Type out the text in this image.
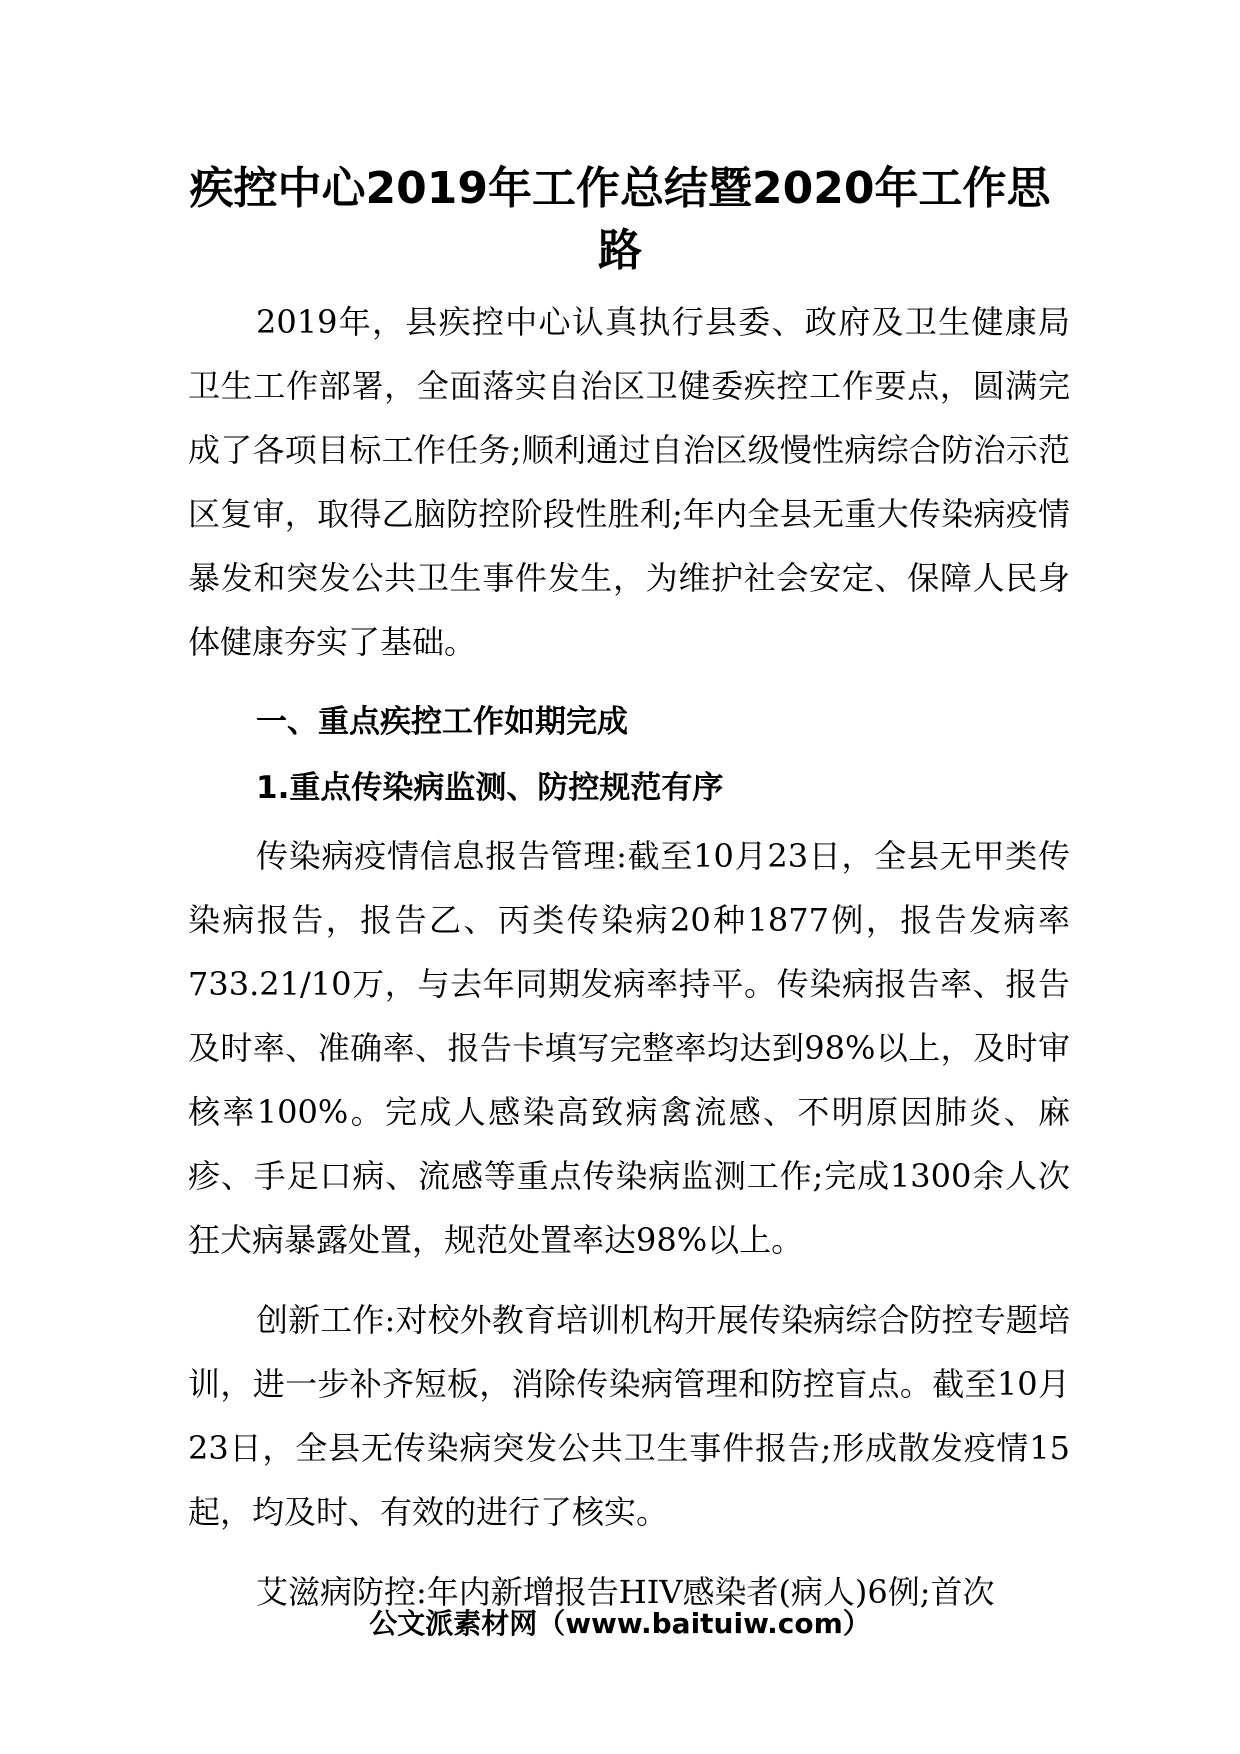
疾控中心2019年工作总结暨2020年工作思路

2019年，县疾控中心认真执行县委、政府及卫生健康局卫生工作部署，全面落实自治区卫健委疾控工作要点，圆满完成了各项目标工作任务;顺利通过自治区级慢性病综合防治示范区复审，取得乙脑防控阶段性胜利;年内全县无重大传染病疫情暴发和突发公共卫生事件发生，为维护社会安定、保障人民身体健康夯实了基础。

一、重点疾控工作如期完成

1.重点传染病监测、防控规范有序

传染病疫情信息报告管理:截至10月23日，全县无甲类传染病报告，报告乙、丙类传染病20种1877例，报告发病率733.21/10万，与去年同期发病率持平。传染病报告率、报告及时率、准确率、报告卡填写完整率均达到98%以上，及时审核率100%。完成人感染高致病禽流感、不明原因肺炎、麻疹、手足口病、流感等重点传染病监测工作;完成1300余人次狂犬病暴露处置，规范处置率达98%以上。

创新工作:对校外教育培训机构开展传染病综合防控专题培训，进一步补齐短板，消除传染病管理和防控盲点。截至10月23日，全县无传染病突发公共卫生事件报告;形成散发疫情15起，均及时、有效的进行了核实。

艾滋病防控:年内新增报告HIV感染者(病人)6例;首次

公文派素材网（www.baituiw.com）
